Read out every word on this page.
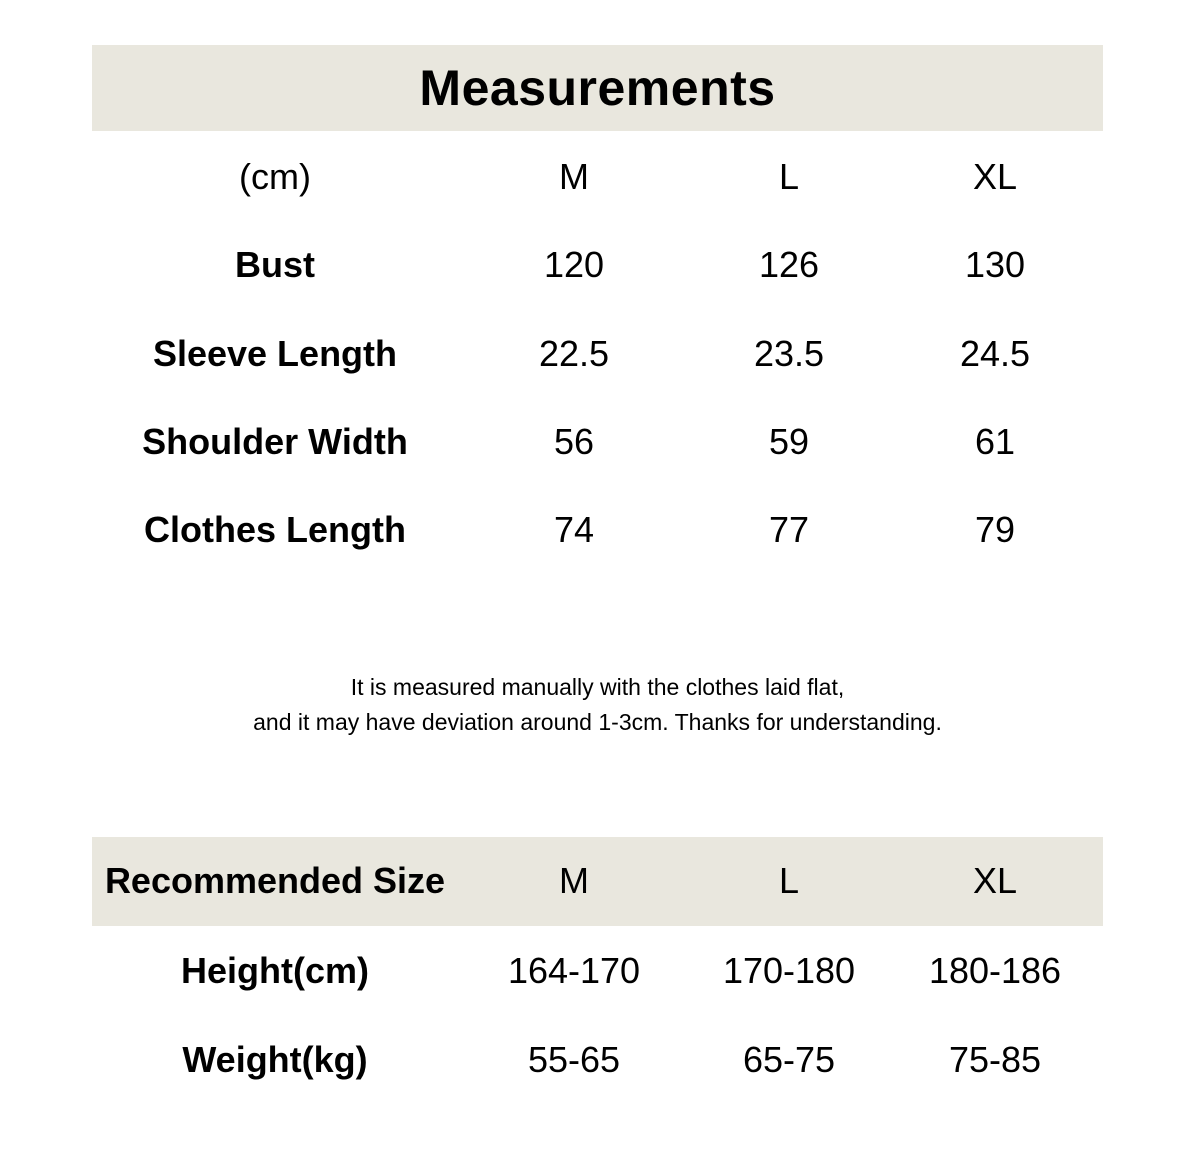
Measurements
(cm)	M	L	XL
Bust	120	126	130
Sleeve Length	22.5	23.5	24.5
Shoulder Width	56	59	61
Clothes Length	74	77	79
It is measured manually with the clothes laid flat,
and it may have deviation around 1-3cm. Thanks for understanding.
Recommended Size	M	L	XL
Height(cm)	164-170	170-180	180-186
Weight(kg)	55-65	65-75	75-85
